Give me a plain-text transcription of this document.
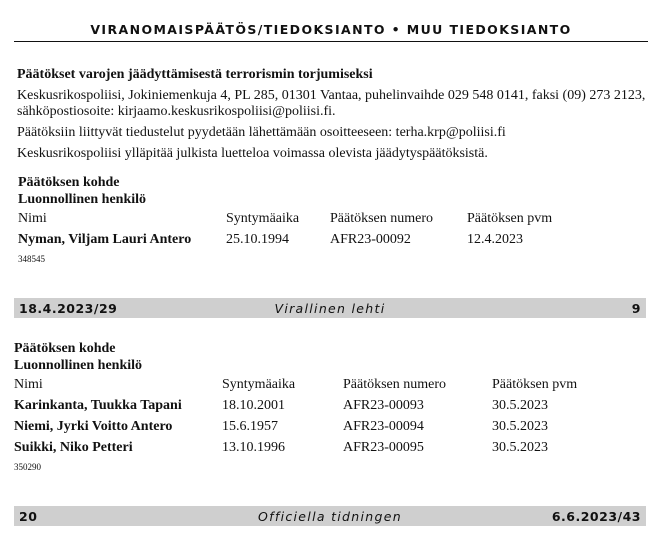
VIRANOMAISPÄÄTÖS/TIEDOKSIANTO • MUU TIEDOKSIANTO
Päätökset varojen jäädyttämisestä terrorismin torjumiseksi
Keskusrikospoliisi, Jokiniemenkuja 4, PL 285, 01301 Vantaa, puhelinvaihde 029 548 0141, faksi (09) 273 2123,
sähköpostiosoite: kirjaamo.keskusrikospoliisi@poliisi.fi.
Päätöksiin liittyvät tiedustelut pyydetään lähettämään osoitteeseen: terha.krp@poliisi.fi
Keskusrikospoliisi ylläpitää julkista luetteloa voimassa olevista jäädytyspäätöksistä.
Päätöksen kohde
Luonnollinen henkilö
Nimi	Syntymäaika	Päätöksen numero	Päätöksen pvm
Nyman, Viljam Lauri Antero	25.10.1994	AFR23-00092	12.4.2023
348545
18.4.2023/29	Virallinen lehti	9
Päätöksen kohde
Luonnollinen henkilö
Nimi	Syntymäaika	Päätöksen numero	Päätöksen pvm
Karinkanta, Tuukka Tapani	18.10.2001	AFR23-00093	30.5.2023
Niemi, Jyrki Voitto Antero	15.6.1957	AFR23-00094	30.5.2023
Suikki, Niko Petteri	13.10.1996	AFR23-00095	30.5.2023
350290
20	Officiella tidningen	6.6.2023/43
